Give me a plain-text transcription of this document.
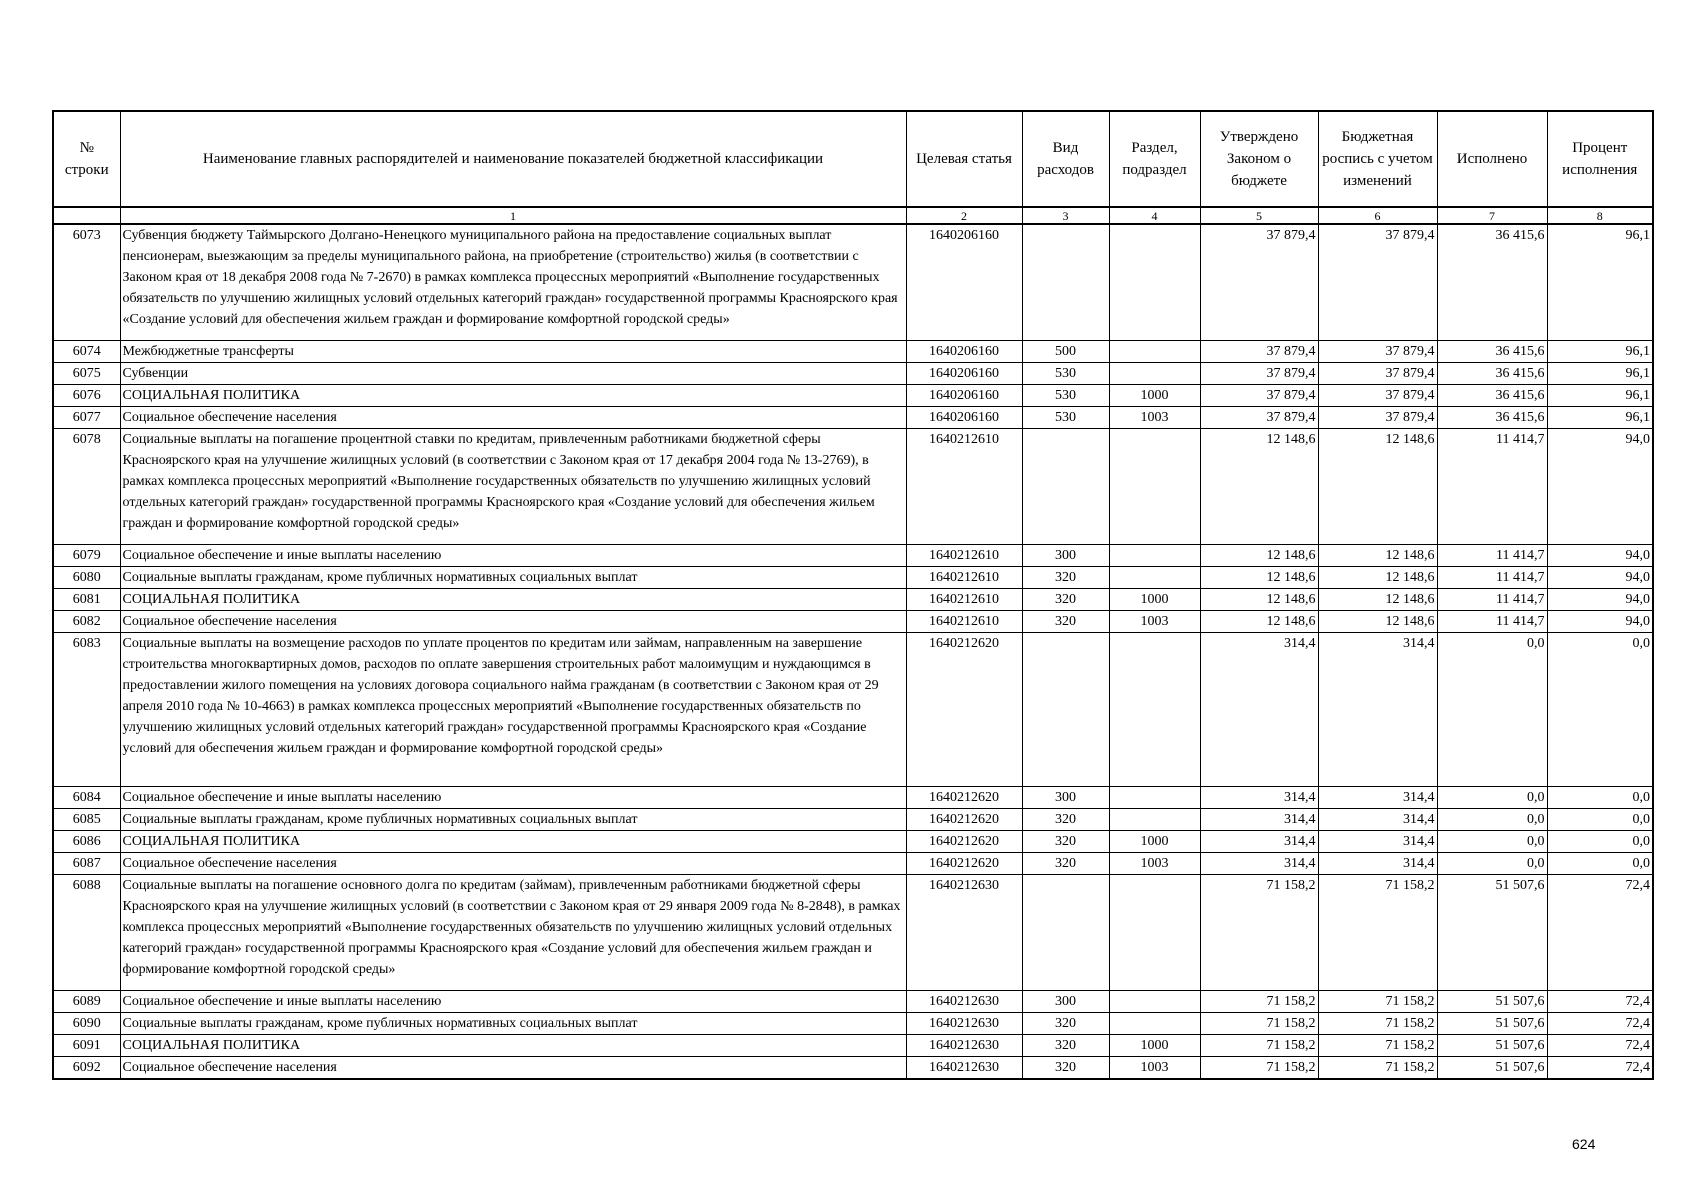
№ строки	Наименование главных распорядителей и наименование показателей бюджетной классификации	Целевая статья	Вид расходов	Раздел, подраздел	Утверждено Законом о бюджете	Бюджетная роспись с учетом изменений	Исполнено	Процент исполнения
	1	2	3	4	5	6	7	8
6073	Субвенция бюджету Таймырского Долгано-Ненецкого муниципального района на предоставление социальных выплат пенсионерам, выезжающим за пределы муниципального района, на приобретение (строительство) жилья (в соответствии с Законом края от 18 декабря 2008 года № 7-2670) в рамках комплекса процессных мероприятий «Выполнение государственных обязательств по улучшению жилищных условий отдельных категорий граждан» государственной программы Красноярского края «Создание условий для обеспечения жильем граждан и формирование комфортной городской среды»	1640206160			37 879,4	37 879,4	36 415,6	96,1
6074	Межбюджетные трансферты	1640206160	500		37 879,4	37 879,4	36 415,6	96,1
6075	Субвенции	1640206160	530		37 879,4	37 879,4	36 415,6	96,1
6076	СОЦИАЛЬНАЯ ПОЛИТИКА	1640206160	530	1000	37 879,4	37 879,4	36 415,6	96,1
6077	Социальное обеспечение населения	1640206160	530	1003	37 879,4	37 879,4	36 415,6	96,1
6078	Социальные выплаты на погашение процентной ставки по кредитам, привлеченным работниками бюджетной сферы Красноярского края на улучшение жилищных условий (в соответствии с Законом края от 17 декабря 2004 года № 13-2769), в рамках комплекса процессных мероприятий «Выполнение государственных обязательств по улучшению жилищных условий отдельных категорий граждан» государственной программы Красноярского края «Создание условий для обеспечения жильем граждан и формирование комфортной городской среды»	1640212610			12 148,6	12 148,6	11 414,7	94,0
6079	Социальное обеспечение и иные выплаты населению	1640212610	300		12 148,6	12 148,6	11 414,7	94,0
6080	Социальные выплаты гражданам, кроме публичных нормативных социальных выплат	1640212610	320		12 148,6	12 148,6	11 414,7	94,0
6081	СОЦИАЛЬНАЯ ПОЛИТИКА	1640212610	320	1000	12 148,6	12 148,6	11 414,7	94,0
6082	Социальное обеспечение населения	1640212610	320	1003	12 148,6	12 148,6	11 414,7	94,0
6083	Социальные выплаты на возмещение расходов по уплате процентов по кредитам или займам, направленным на завершение строительства многоквартирных домов, расходов по оплате завершения строительных работ малоимущим и нуждающимся в предоставлении жилого помещения на условиях договора социального найма гражданам (в соответствии с Законом края от 29 апреля 2010 года № 10-4663) в рамках комплекса процессных мероприятий «Выполнение государственных обязательств по улучшению жилищных условий отдельных категорий граждан» государственной программы Красноярского края «Создание условий для обеспечения жильем граждан и формирование комфортной городской среды»	1640212620			314,4	314,4	0,0	0,0
6084	Социальное обеспечение и иные выплаты населению	1640212620	300		314,4	314,4	0,0	0,0
6085	Социальные выплаты гражданам, кроме публичных нормативных социальных выплат	1640212620	320		314,4	314,4	0,0	0,0
6086	СОЦИАЛЬНАЯ ПОЛИТИКА	1640212620	320	1000	314,4	314,4	0,0	0,0
6087	Социальное обеспечение населения	1640212620	320	1003	314,4	314,4	0,0	0,0
6088	Социальные выплаты на погашение основного долга по кредитам (займам), привлеченным работниками бюджетной сферы Красноярского края на улучшение жилищных условий (в соответствии с Законом края от 29 января 2009 года № 8-2848), в рамках комплекса процессных мероприятий «Выполнение государственных обязательств по улучшению жилищных условий отдельных категорий граждан» государственной программы Красноярского края «Создание условий для обеспечения жильем граждан и формирование комфортной городской среды»	1640212630			71 158,2	71 158,2	51 507,6	72,4
6089	Социальное обеспечение и иные выплаты населению	1640212630	300		71 158,2	71 158,2	51 507,6	72,4
6090	Социальные выплаты гражданам, кроме публичных нормативных социальных выплат	1640212630	320		71 158,2	71 158,2	51 507,6	72,4
6091	СОЦИАЛЬНАЯ ПОЛИТИКА	1640212630	320	1000	71 158,2	71 158,2	51 507,6	72,4
6092	Социальное обеспечение населения	1640212630	320	1003	71 158,2	71 158,2	51 507,6	72,4
624
